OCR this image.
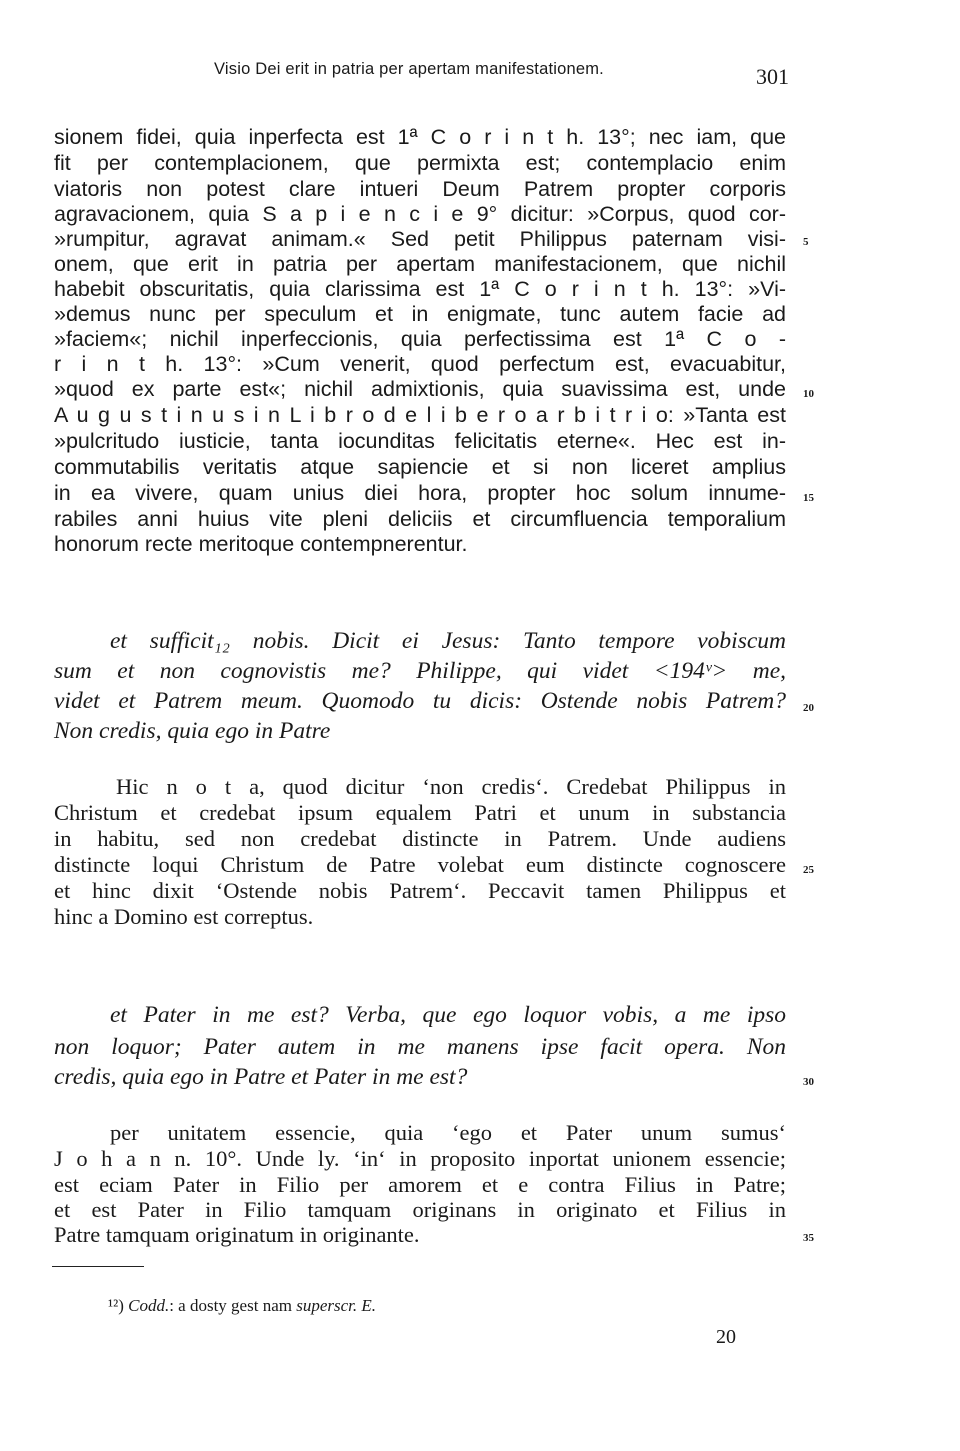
Visio Dei erit in patria per apertam manifestationem.	301
sionem fidei, quia inperfecta est 1ª C o r i n t h. 13°; nec iam, que
fit per contemplacionem, que permixta est; contemplacio enim
viatoris non potest clare intueri Deum Patrem propter corporis
agravacionem, quia S a p i e n c i e 9° dicitur: »Corpus, quod cor-
»rumpitur, agravat animam.« Sed petit Philippus paternam visi-
onem, que erit in patria per apertam manifestacionem, que nichil
habebit obscuritatis, quia clarissima est 1ª C o r i n t h. 13°: »Vi-
»demus nunc per speculum et in enigmate, tunc autem facie ad
»faciem«; nichil inperfeccionis, quia perfectissima est 1ª C o -
r i n t h. 13°: »Cum venerit, quod perfectum est, evacuabitur,
»quod ex parte est«; nichil admixtionis, quia suavissima est, unde
A u g u s t i n u s i n L i b r o d e l i b e r o a r b i t r i o: »Tanta est
»pulcritudo iusticie, tanta iocunditas felicitatis eterne«. Hec est in-
commutabilis veritatis atque sapiencie et si non liceret amplius
in ea vivere, quam unius diei hora, propter hoc solum innume-
rabiles anni huius vite pleni deliciis et circumfluencia temporalium
honorum recte meritoque contempnerentur.
et sufficit₁₂ nobis. Dicit ei Jesus: Tanto tempore vobiscum
sum et non cognovistis me? Philippe, qui videt <194ᵛ> me,
videt et Patrem meum. Quomodo tu dicis: Ostende nobis Patrem?
Non credis, quia ego in Patre
Hic n o t a, quod dicitur ‘non credis‘. Credebat Philippus in
Christum et credebat ipsum equalem Patri et unum in substancia
in habitu, sed non credebat distincte in Patrem. Unde audiens
distincte loqui Christum de Patre volebat eum distincte cognoscere
et hinc dixit ‘Ostende nobis Patrem‘. Peccavit tamen Philippus et
hinc a Domino est correptus.
et Pater in me est? Verba, que ego loquor vobis, a me ipso
non loquor; Pater autem in me manens ipse facit opera. Non
credis, quia ego in Patre et Pater in me est?
per unitatem essencie, quia ‘ego et Pater unum sumus‘
J o h a n n. 10°. Unde ly. ‘in‘ in proposito inportat unionem essencie;
est eciam Pater in Filio per amorem et e contra Filius in Patre;
et est Pater in Filio tamquam originans in originato et Filius in
Patre tamquam originatum in originante.
5
10
15
20
25
30
35
¹²) Codd.: a dosty gest nam superscr. E.
20
